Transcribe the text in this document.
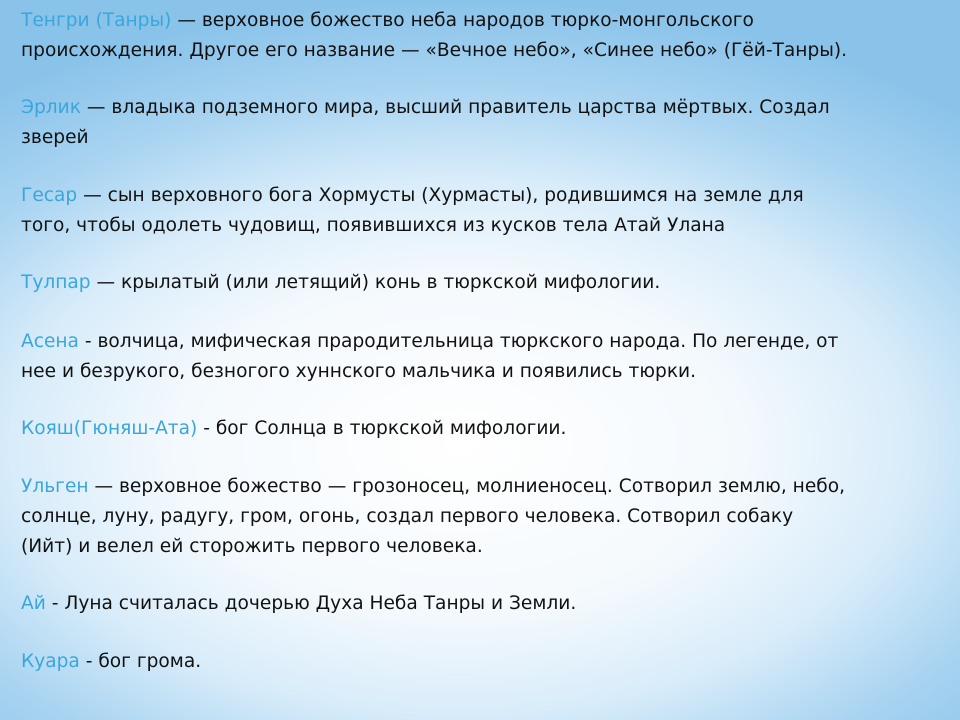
Тенгри (Танры) — верховное божество неба народов тюрко-монгольского
происхождения. Другое его название — «Вечное небо», «Синее небо» (Гёй-Танры).
Эрлик — владыка подземного мира, высший правитель царства мёртвых. Создал
зверей
Гесар — сын верховного бога Хормусты (Хурмасты), родившимся на земле для
того, чтобы одолеть чудовищ, появившихся из кусков тела Атай Улана
Тулпар — крылатый (или летящий) конь в тюркской мифологии.
Асена - волчица, мифическая прародительница тюркского народа. По легенде, от
нее и безрукого, безногого хуннского мальчика и появились тюрки.
Кояш(Гюняш-Ата) - бог Солнца в тюркской мифологии.
Ульген — верховное божество — грозоносец, молниеносец. Сотворил землю, небо,
солнце, луну, радугу, гром, огонь, создал первого человека. Сотворил собаку
(Ийт) и велел ей сторожить первого человека.
Ай - Луна считалась дочерью Духа Неба Танры и Земли.
Куара - бог грома.
